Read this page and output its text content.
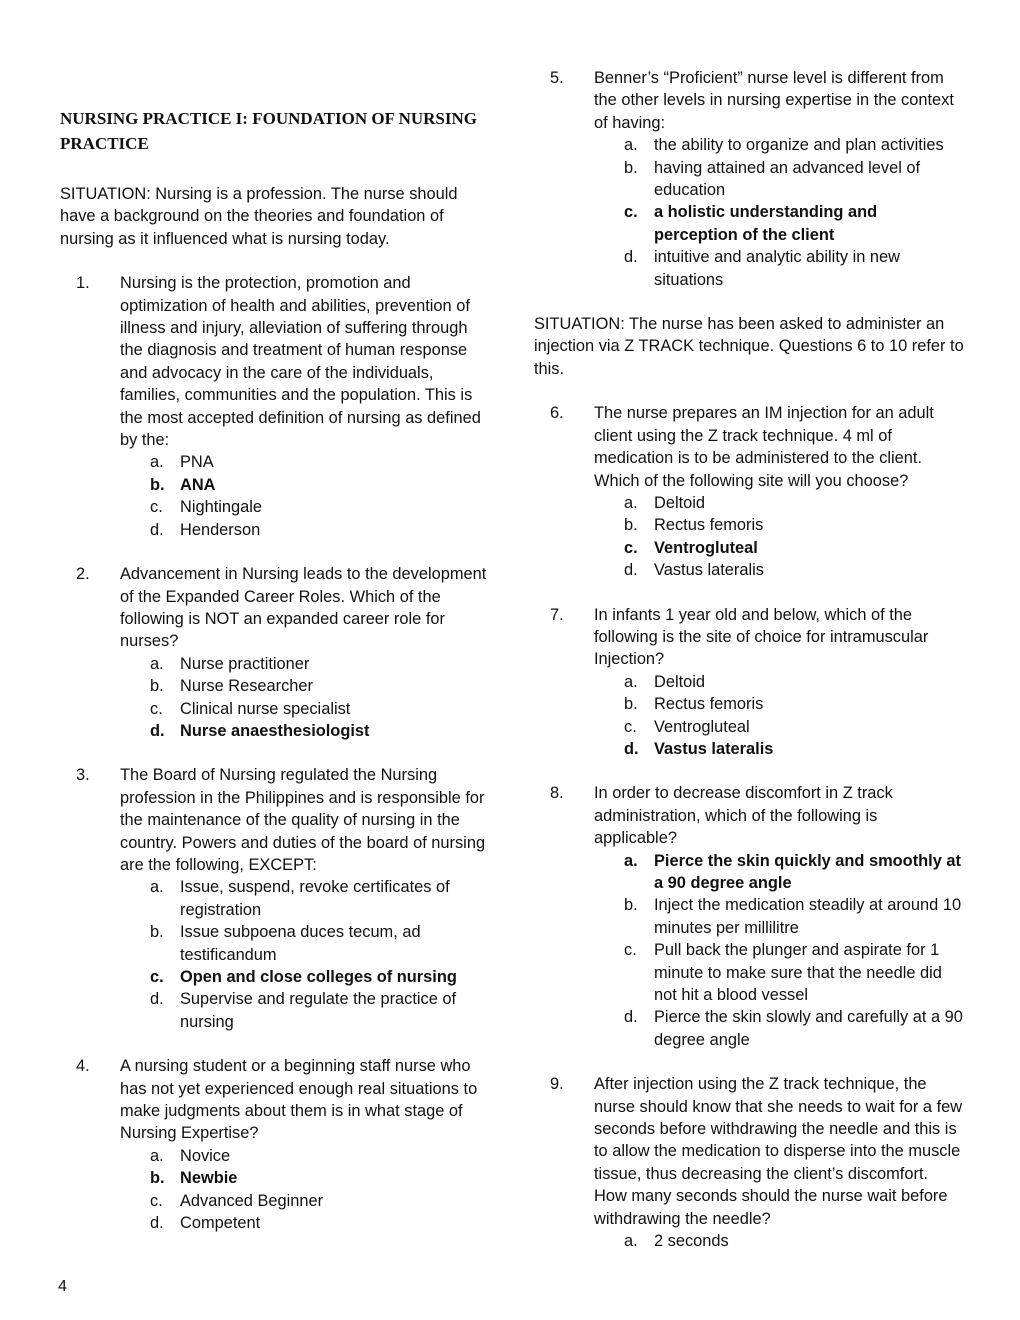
NURSING PRACTICE I: FOUNDATION OF NURSING PRACTICE

SITUATION: Nursing is a profession. The nurse should have a background on the theories and foundation of nursing as it influenced what is nursing today.

1. Nursing is the protection, promotion and optimization of health and abilities, prevention of illness and injury, alleviation of suffering through the diagnosis and treatment of human response and advocacy in the care of the individuals, families, communities and the population. This is the most accepted definition of nursing as defined by the:
a. PNA
b. ANA
c. Nightingale
d. Henderson
2. Advancement in Nursing leads to the development of the Expanded Career Roles. Which of the following is NOT an expanded career role for nurses?
a. Nurse practitioner
b. Nurse Researcher
c. Clinical nurse specialist
d. Nurse anaesthesiologist
3. The Board of Nursing regulated the Nursing profession in the Philippines and is responsible for the maintenance of the quality of nursing in the country. Powers and duties of the board of nursing are the following, EXCEPT:
a. Issue, suspend, revoke certificates of registration
b. Issue subpoena duces tecum, ad testificandum
c. Open and close colleges of nursing
d. Supervise and regulate the practice of nursing
4. A nursing student or a beginning staff nurse who has not yet experienced enough real situations to make judgments about them is in what stage of Nursing Expertise?
a. Novice
b. Newbie
c. Advanced Beginner
d. Competent
5. Benner’s “Proficient” nurse level is different from the other levels in nursing expertise in the context of having:
a. the ability to organize and plan activities
b. having attained an advanced level of education
c. a holistic understanding and perception of the client
d. intuitive and analytic ability in new situations

SITUATION: The nurse has been asked to administer an injection via Z TRACK technique. Questions 6 to 10 refer to this.

6. The nurse prepares an IM injection for an adult client using the Z track technique. 4 ml of medication is to be administered to the client. Which of the following site will you choose?
a. Deltoid
b. Rectus femoris
c. Ventrogluteal
d. Vastus lateralis
7. In infants 1 year old and below, which of the following is the site of choice for intramuscular Injection?
a. Deltoid
b. Rectus femoris
c. Ventrogluteal
d. Vastus lateralis
8. In order to decrease discomfort in Z track administration, which of the following is applicable?
a. Pierce the skin quickly and smoothly at a 90 degree angle
b. Inject the medication steadily at around 10 minutes per millilitre
c. Pull back the plunger and aspirate for 1 minute to make sure that the needle did not hit a blood vessel
d. Pierce the skin slowly and carefully at a 90 degree angle
9. After injection using the Z track technique, the nurse should know that she needs to wait for a few seconds before withdrawing the needle and this is to allow the medication to disperse into the muscle tissue, thus decreasing the client’s discomfort. How many seconds should the nurse wait before withdrawing the needle?
a. 2 seconds
4
